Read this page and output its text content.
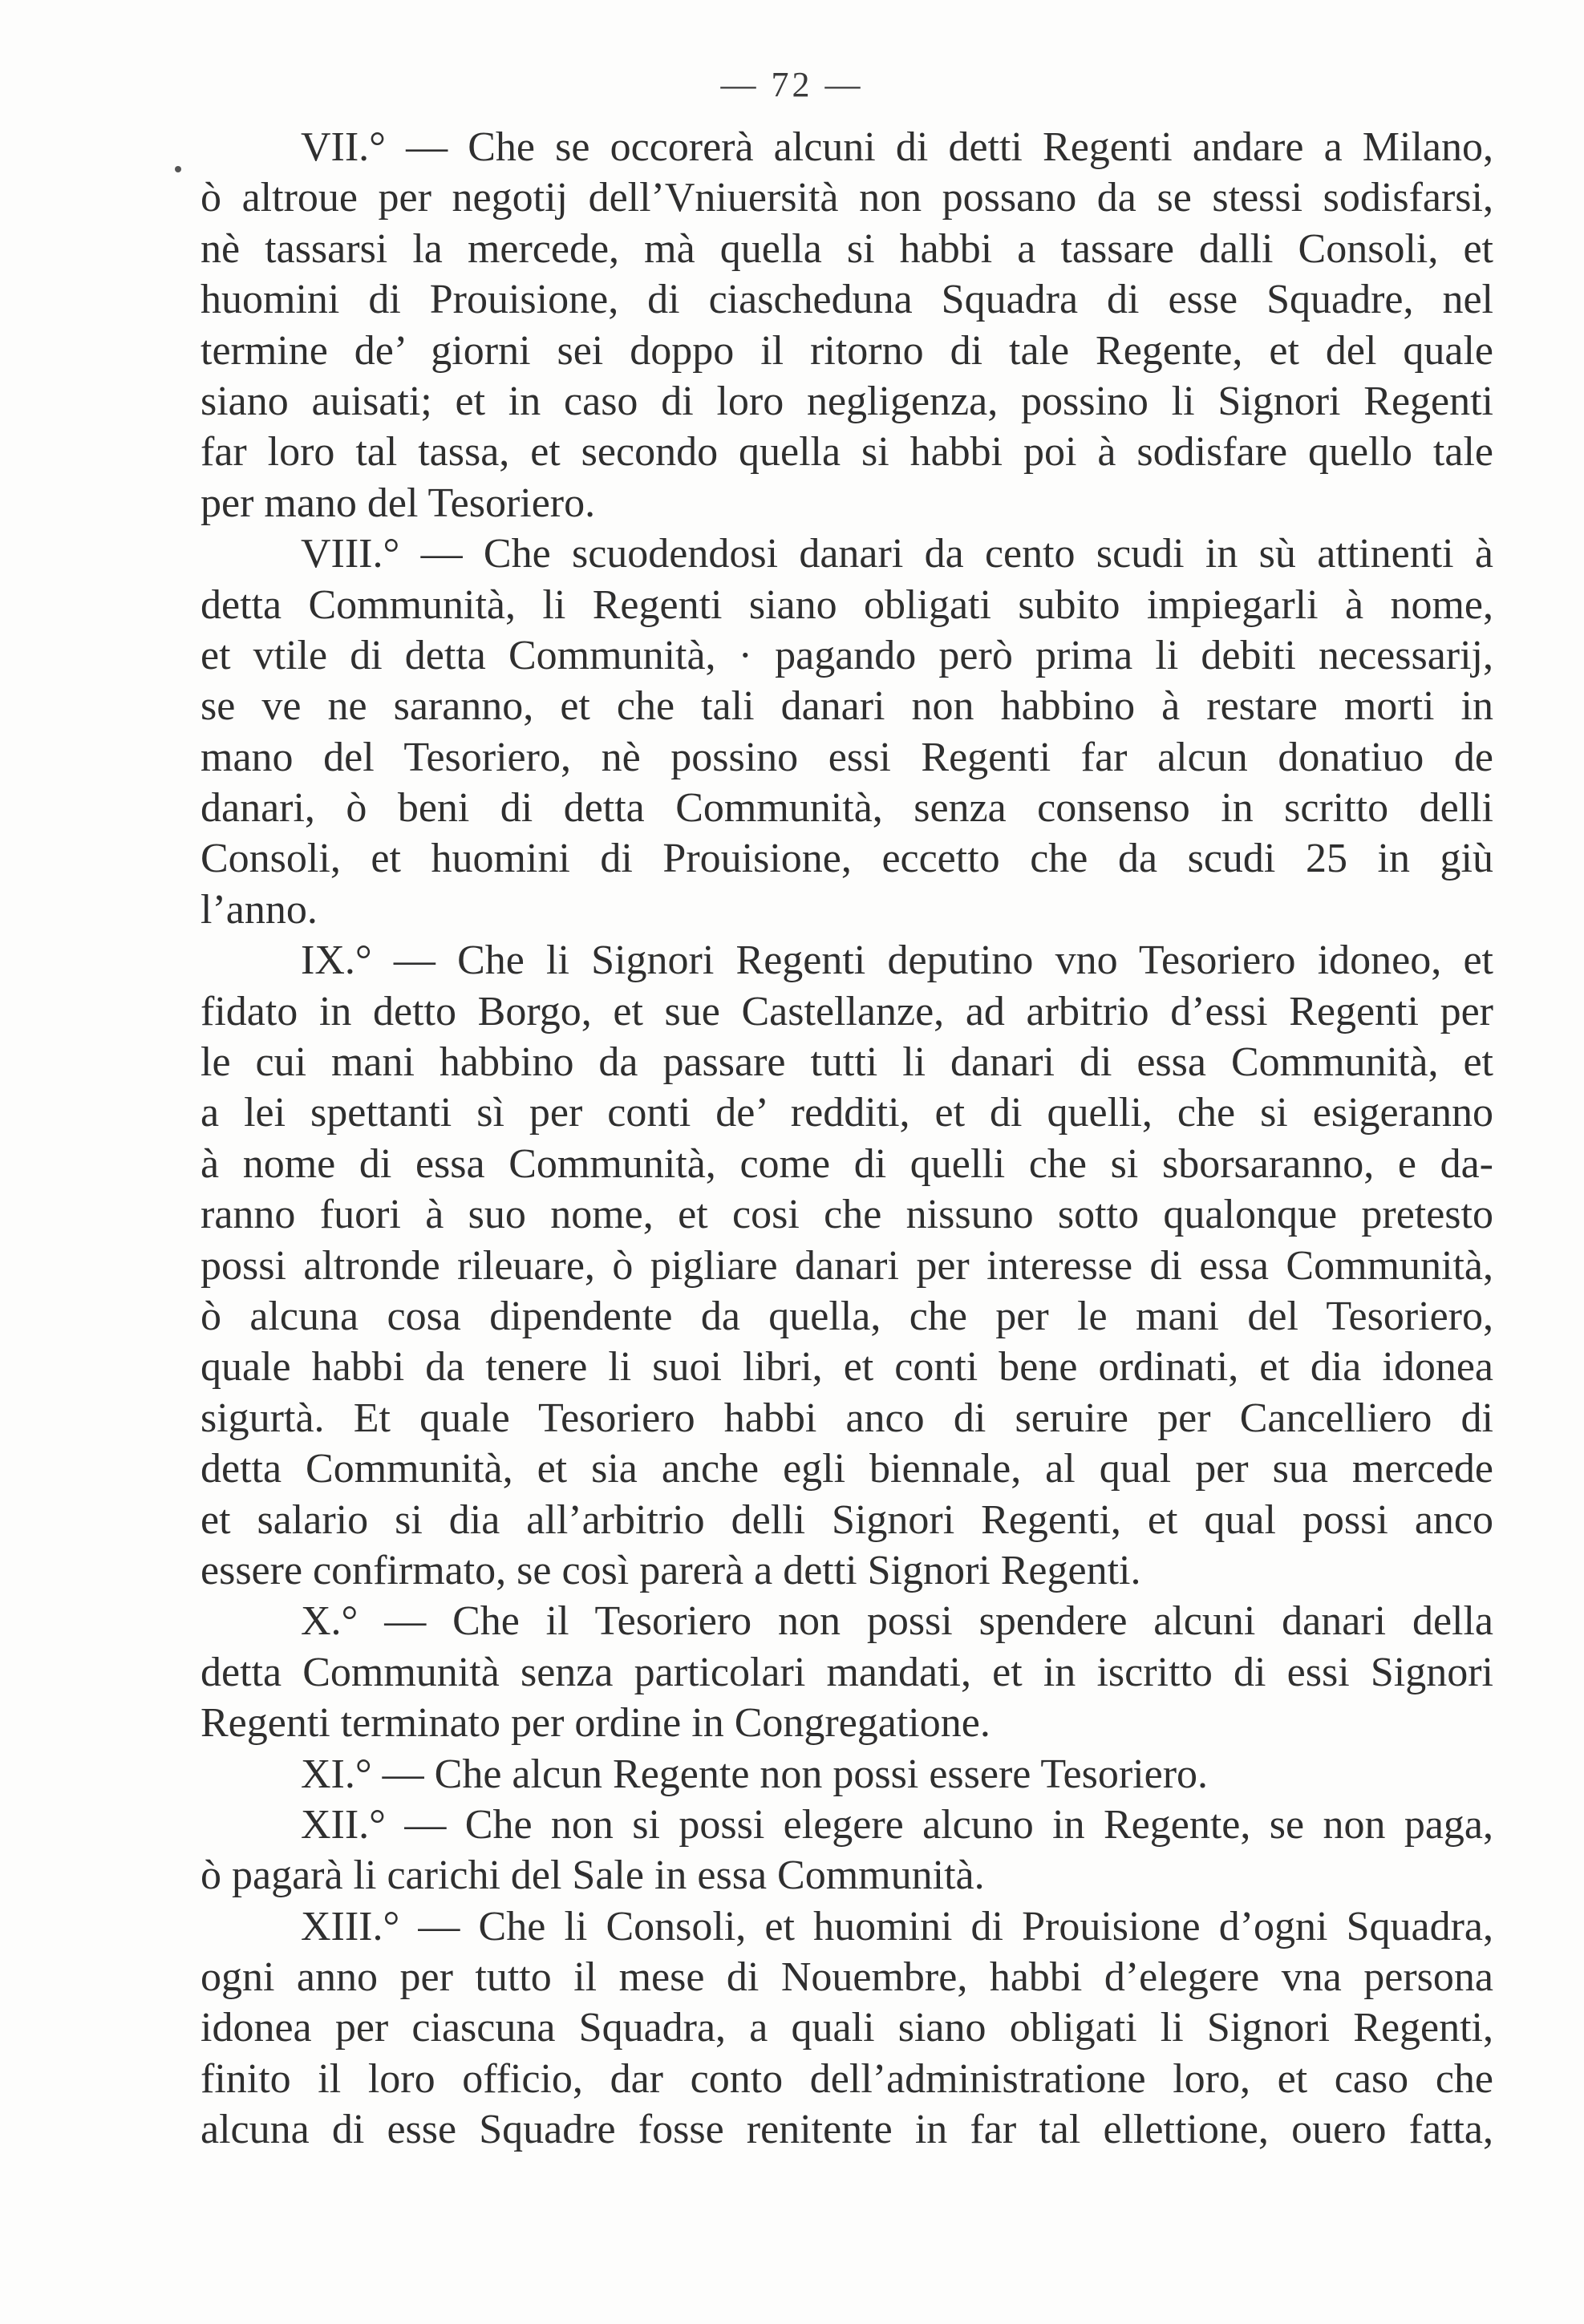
— 72 —
VII.° — Che se occorerà alcuni di detti Regenti andare a Milano,
ò altroue per negotij dell’Vniuersità non possano da se stessi sodisfarsi,
nè tassarsi la mercede, mà quella si habbi a tassare dalli Consoli, et
huomini di Prouisione, di ciascheduna Squadra di esse Squadre, nel
termine de’ giorni sei doppo il ritorno di tale Regente, et del quale
siano auisati; et in caso di loro negligenza, possino li Signori Regenti
far loro tal tassa, et secondo quella si habbi poi à sodisfare quello tale
per mano del Tesoriero.
VIII.° — Che scuodendosi danari da cento scudi in sù attinenti à
detta Communità, li Regenti siano obligati subito impiegarli à nome,
et vtile di detta Communità, · pagando però prima li debiti necessarij,
se ve ne saranno, et che tali danari non habbino à restare morti in
mano del Tesoriero, nè possino essi Regenti far alcun donatiuo de
danari, ò beni di detta Communità, senza consenso in scritto delli
Consoli, et huomini di Prouisione, eccetto che da scudi 25 in giù
l’anno.
IX.° — Che li Signori Regenti deputino vno Tesoriero idoneo, et
fidato in detto Borgo, et sue Castellanze, ad arbitrio d’essi Regenti per
le cui mani habbino da passare tutti li danari di essa Communità, et
a lei spettanti sì per conti de’ redditi, et di quelli, che si esigeranno
à nome di essa Communità, come di quelli che si sborsaranno, e da-
ranno fuori à suo nome, et cosi che nissuno sotto qualonque pretesto
possi altronde rileuare, ò pigliare danari per interesse di essa Communità,
ò alcuna cosa dipendente da quella, che per le mani del Tesoriero,
quale habbi da tenere li suoi libri, et conti bene ordinati, et dia idonea
sigurtà. Et quale Tesoriero habbi anco di seruire per Cancelliero di
detta Communità, et sia anche egli biennale, al qual per sua mercede
et salario si dia all’arbitrio delli Signori Regenti, et qual possi anco
essere confirmato, se così parerà a detti Signori Regenti.
X.° — Che il Tesoriero non possi spendere alcuni danari della
detta Communità senza particolari mandati, et in iscritto di essi Signori
Regenti terminato per ordine in Congregatione.
XI.° — Che alcun Regente non possi essere Tesoriero.
XII.° — Che non si possi elegere alcuno in Regente, se non paga,
ò pagarà li carichi del Sale in essa Communità.
XIII.° — Che li Consoli, et huomini di Prouisione d’ogni Squadra,
ogni anno per tutto il mese di Nouembre, habbi d’elegere vna persona
idonea per ciascuna Squadra, a quali siano obligati li Signori Regenti,
finito il loro officio, dar conto dell’administratione loro, et caso che
alcuna di esse Squadre fosse renitente in far tal ellettione, ouero fatta,
